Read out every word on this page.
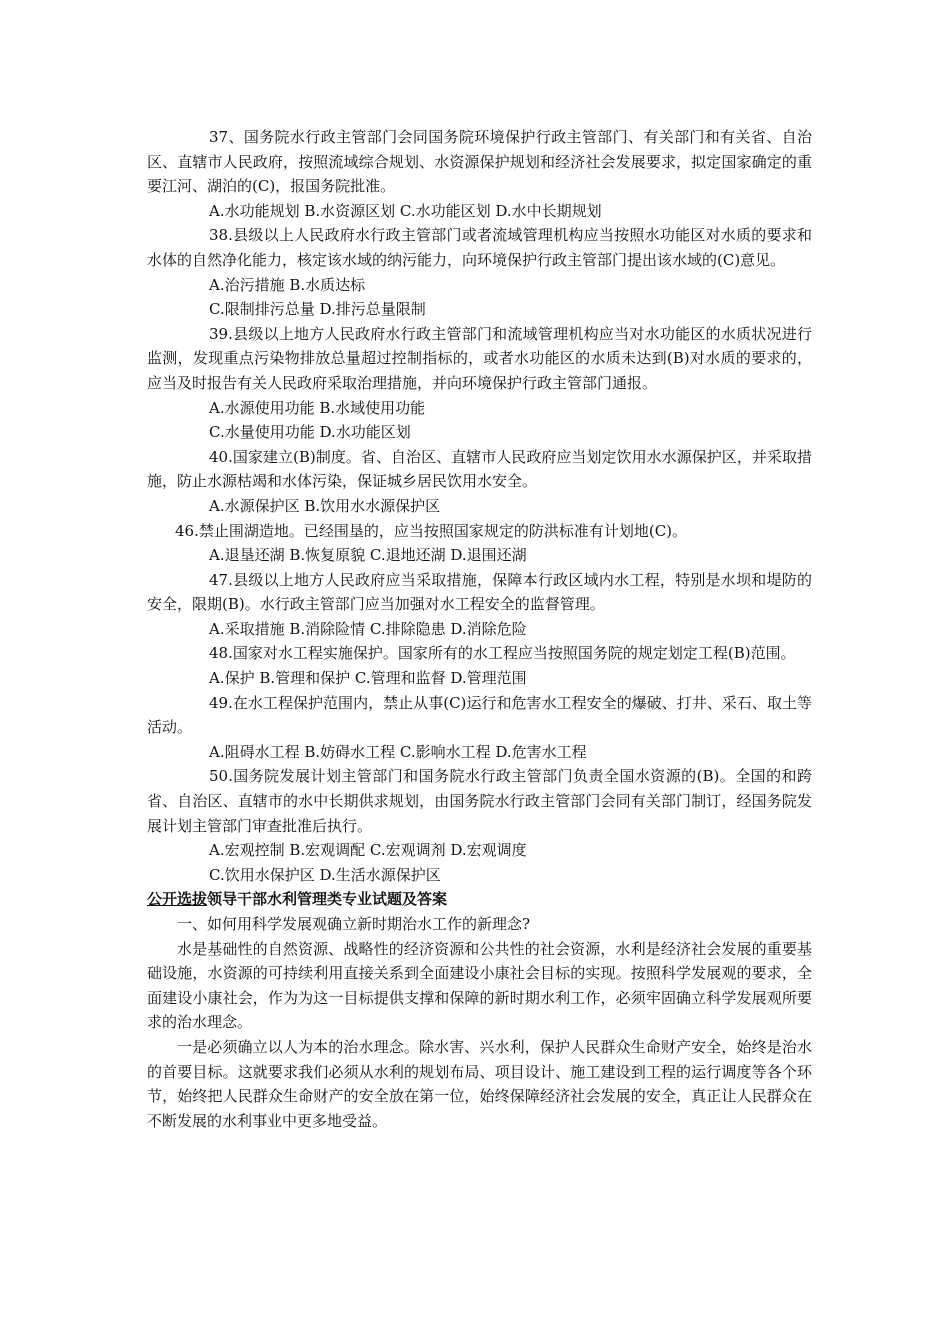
37、国务院水行政主管部门会同国务院环境保护行政主管部门、有关部门和有关省、自治区、直辖市人民政府，按照流域综合规划、水资源保护规划和经济社会发展要求，拟定国家确定的重要江河、湖泊的(C)，报国务院批准。

A.水功能规划 B.水资源区划 C.水功能区划 D.水中长期规划

38.县级以上人民政府水行政主管部门或者流域管理机构应当按照水功能区对水质的要求和水体的自然净化能力，核定该水域的纳污能力，向环境保护行政主管部门提出该水域的(C)意见。

A.治污措施 B.水质达标

C.限制排污总量 D.排污总量限制

39.县级以上地方人民政府水行政主管部门和流域管理机构应当对水功能区的水质状况进行监测，发现重点污染物排放总量超过控制指标的，或者水功能区的水质未达到(B)对水质的要求的，应当及时报告有关人民政府采取治理措施，并向环境保护行政主管部门通报。

A.水源使用功能 B.水域使用功能

C.水量使用功能 D.水功能区划

40.国家建立(B)制度。省、自治区、直辖市人民政府应当划定饮用水水源保护区，并采取措施，防止水源枯竭和水体污染，保证城乡居民饮用水安全。

A.水源保护区 B.饮用水水源保护区

46.禁止围湖造地。已经围垦的，应当按照国家规定的防洪标准有计划地(C)。

A.退垦还湖 B.恢复原貌 C.退地还湖 D.退围还湖

47.县级以上地方人民政府应当采取措施，保障本行政区域内水工程，特别是水坝和堤防的安全，限期(B)。水行政主管部门应当加强对水工程安全的监督管理。

A.采取措施 B.消除险情 C.排除隐患 D.消除危险

48.国家对水工程实施保护。国家所有的水工程应当按照国务院的规定划定工程(B)范围。

A.保护 B.管理和保护 C.管理和监督 D.管理范围

49.在水工程保护范围内，禁止从事(C)运行和危害水工程安全的爆破、打井、采石、取土等活动。

A.阻碍水工程 B.妨碍水工程 C.影响水工程 D.危害水工程

50.国务院发展计划主管部门和国务院水行政主管部门负责全国水资源的(B)。全国的和跨省、自治区、直辖市的水中长期供求规划，由国务院水行政主管部门会同有关部门制订，经国务院发展计划主管部门审查批准后执行。

A.宏观控制 B.宏观调配 C.宏观调剂 D.宏观调度

C.饮用水保护区 D.生活水源保护区

公开选拔领导干部水利管理类专业试题及答案

一、如何用科学发展观确立新时期治水工作的新理念?

水是基础性的自然资源、战略性的经济资源和公共性的社会资源，水利是经济社会发展的重要基础设施，水资源的可持续利用直接关系到全面建设小康社会目标的实现。按照科学发展观的要求，全面建设小康社会，作为为这一目标提供支撑和保障的新时期水利工作，必须牢固确立科学发展观所要求的治水理念。

一是必须确立以人为本的治水理念。除水害、兴水利，保护人民群众生命财产安全，始终是治水的首要目标。这就要求我们必须从水利的规划布局、项目设计、施工建设到工程的运行调度等各个环节，始终把人民群众生命财产的安全放在第一位，始终保障经济社会发展的安全，真正让人民群众在不断发展的水利事业中更多地受益。
